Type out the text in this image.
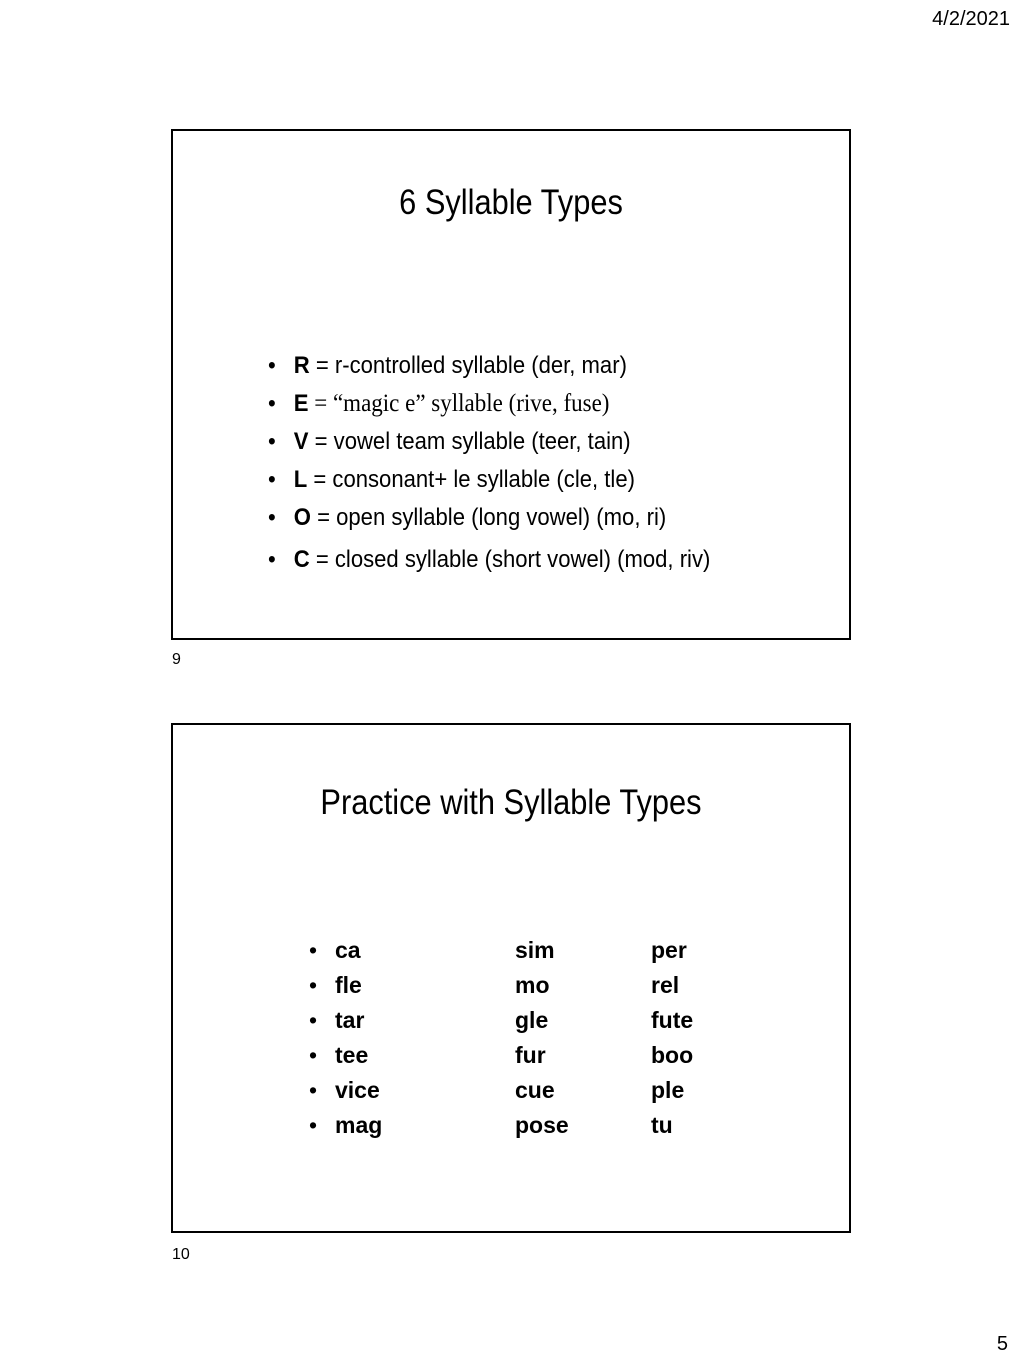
4/2/2021
6 Syllable Types
• R = r-controlled syllable (der, mar)
• E = “magic e” syllable (rive, fuse)
• V = vowel team syllable (teer, tain)
• L = consonant+ le syllable (cle, tle)
• O = open syllable (long vowel) (mo, ri)
• C = closed syllable (short vowel) (mod, riv)
9
Practice with Syllable Types
• ca	sim	per
• fle	mo	rel
• tar	gle	fute
• tee	fur	boo
• vice	cue	ple
• mag	pose	tu
10
5
